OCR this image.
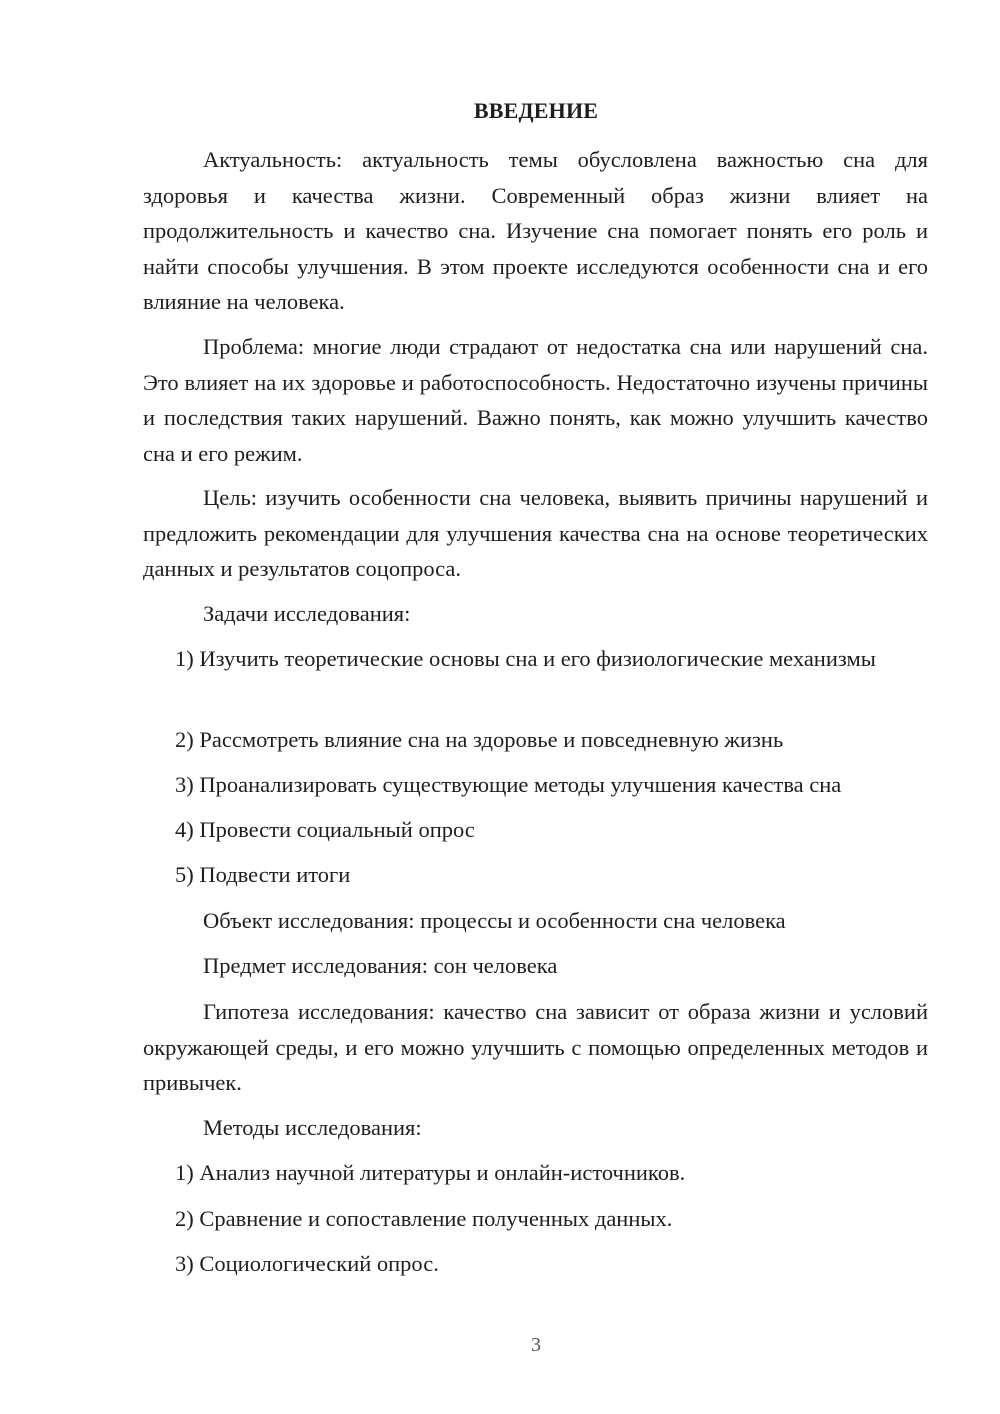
ВВЕДЕНИЕ

Актуальность: актуальность темы обусловлена важностью сна для здоровья и качества жизни. Современный образ жизни влияет на продолжительность и качество сна. Изучение сна помогает понять его роль и найти способы улучшения. В этом проекте исследуются особенности сна и его влияние на человека.

Проблема: многие люди страдают от недостатка сна или нарушений сна. Это влияет на их здоровье и работоспособность. Недостаточно изучены причины и последствия таких нарушений. Важно понять, как можно улучшить качество сна и его режим.

Цель: изучить особенности сна человека, выявить причины нарушений и предложить рекомендации для улучшения качества сна на основе теоретических данных и результатов соцопроса.

Задачи исследования:

1) Изучить теоретические основы сна и его физиологические механизмы

2) Рассмотреть влияние сна на здоровье и повседневную жизнь

3) Проанализировать существующие методы улучшения качества сна

4) Провести социальный опрос

5) Подвести итоги

Объект исследования: процессы и особенности сна человека

Предмет исследования: сон человека

Гипотеза исследования: качество сна зависит от образа жизни и условий окружающей среды, и его можно улучшить с помощью определенных методов и привычек.

Методы исследования:

1) Анализ научной литературы и онлайн-источников.

2) Сравнение и сопоставление полученных данных.

3) Социологический опрос.

3
